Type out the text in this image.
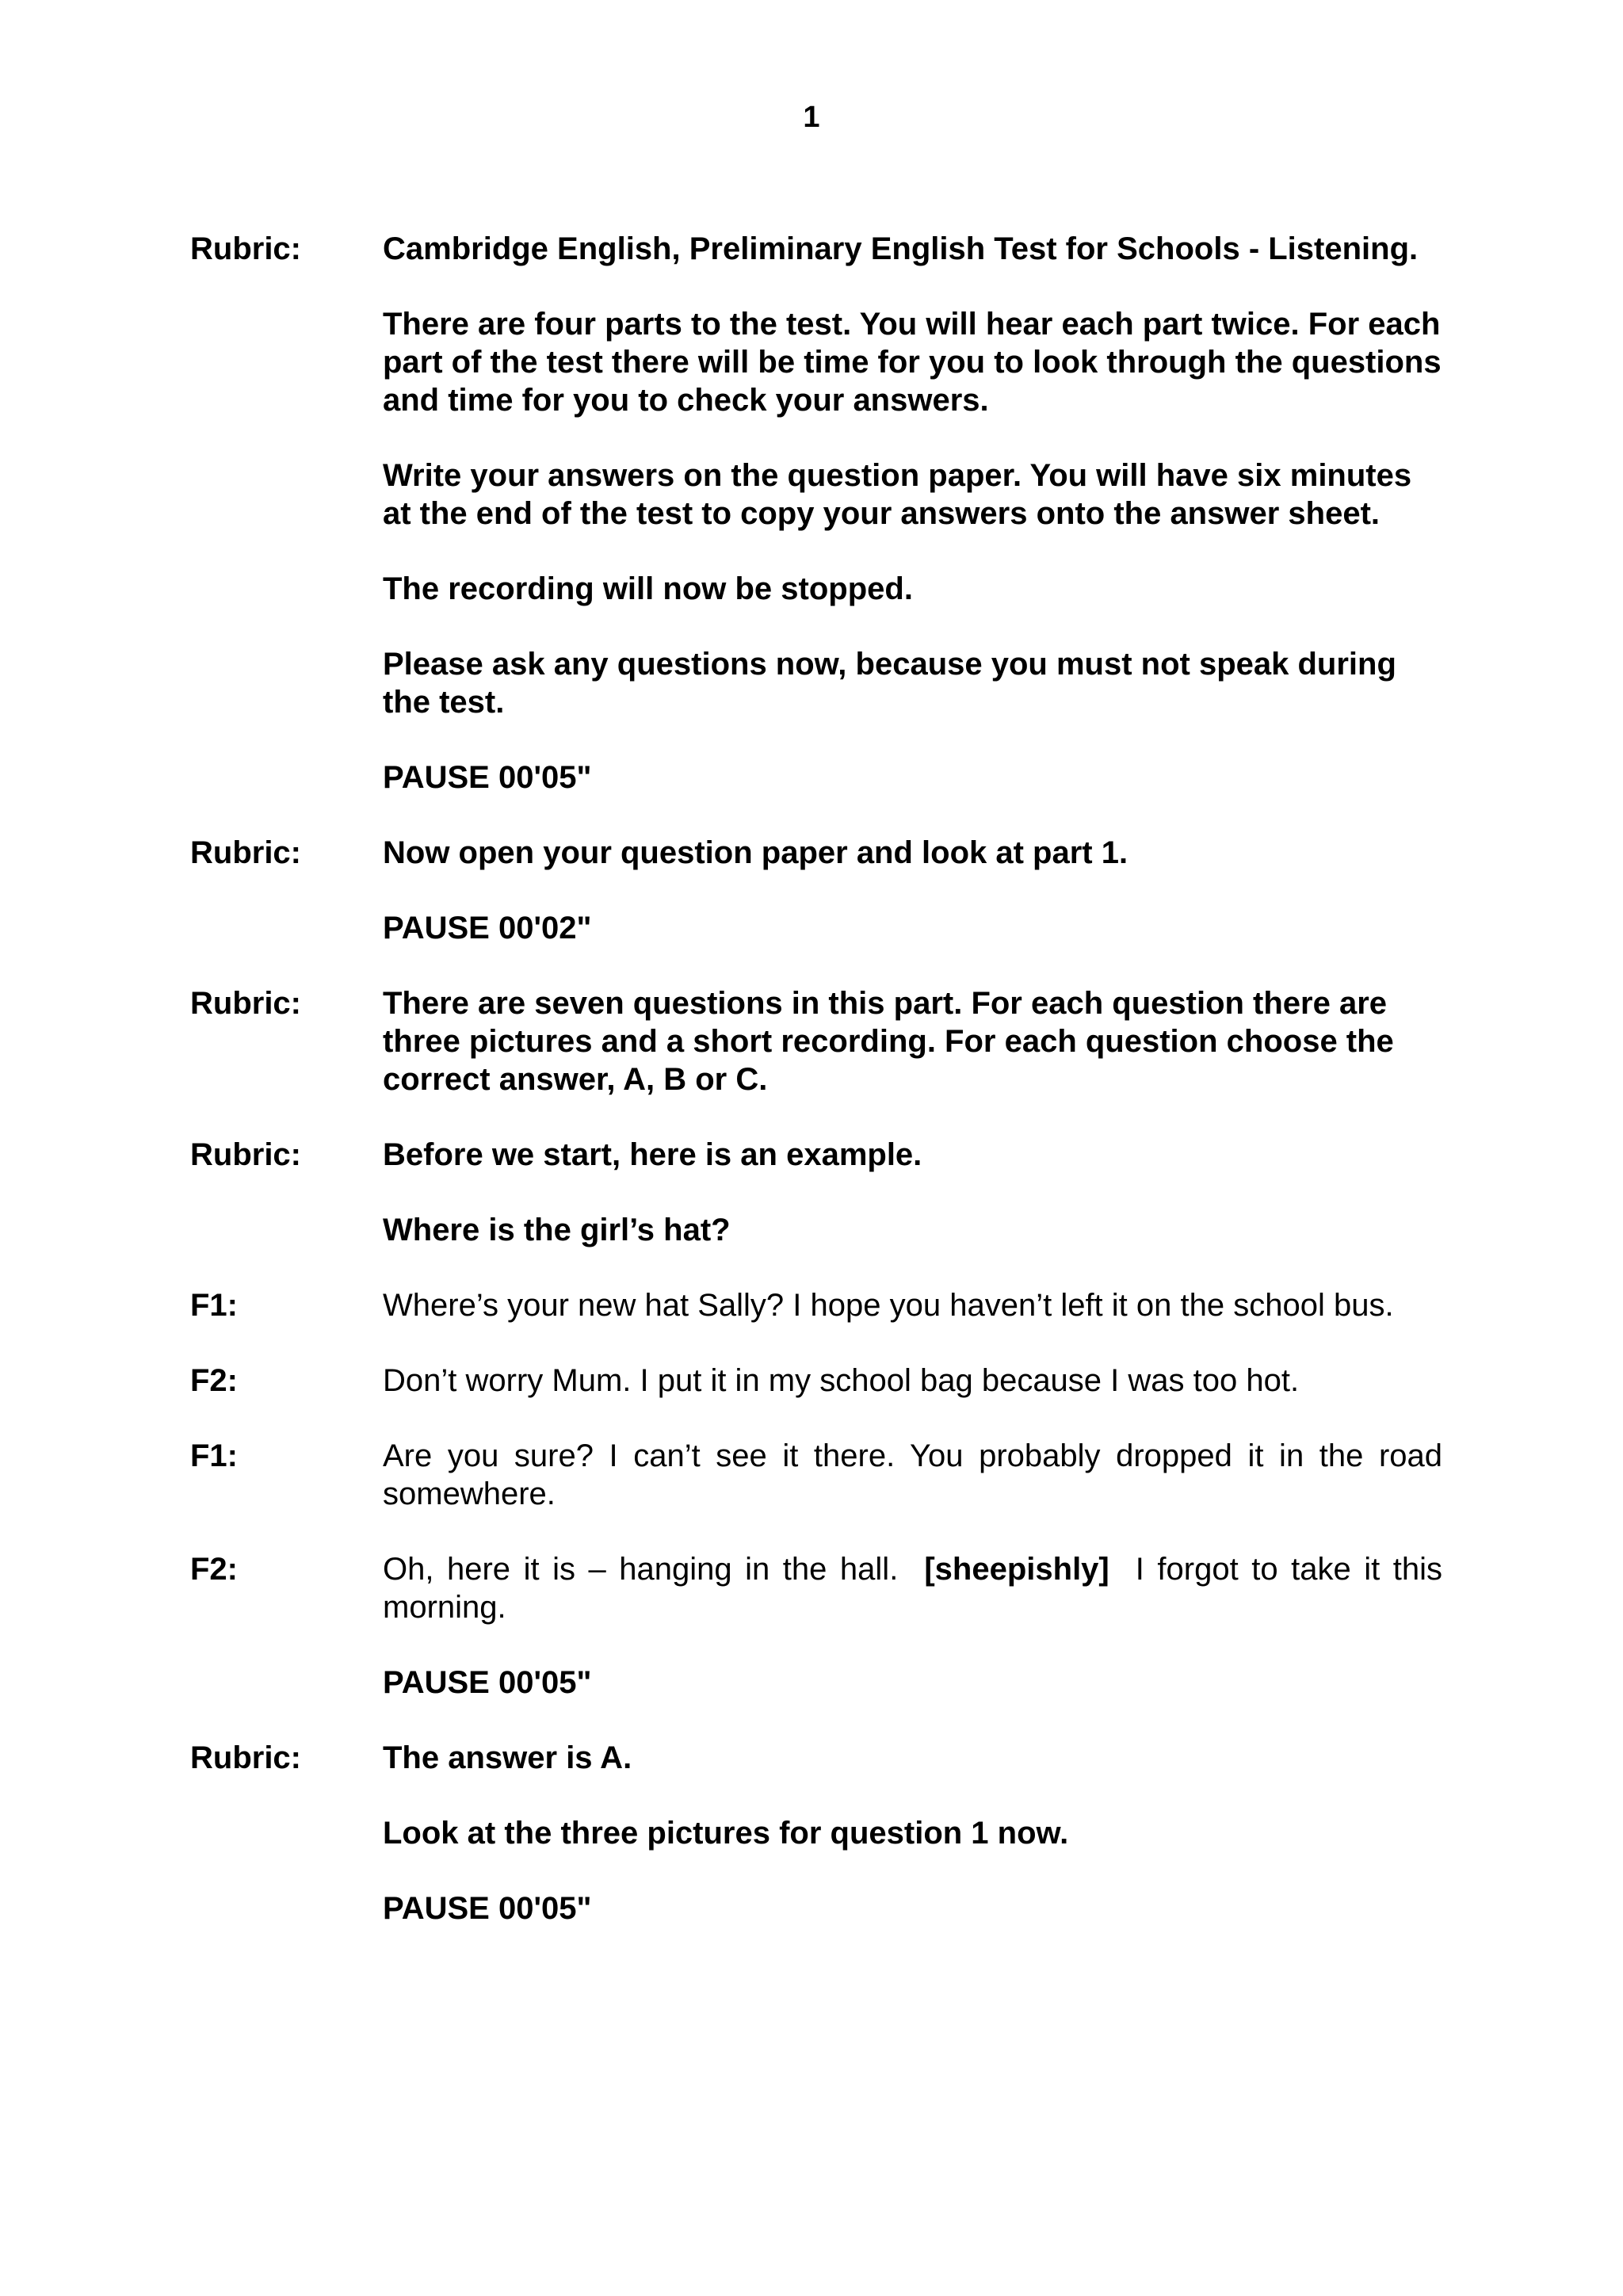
1
Rubric:	Cambridge English, Preliminary English Test for Schools - Listening.

There are four parts to the test. You will hear each part twice. For each part of the test there will be time for you to look through the questions and time for you to check your answers.

Write your answers on the question paper. You will have six minutes at the end of the test to copy your answers onto the answer sheet.

The recording will now be stopped.

Please ask any questions now, because you must not speak during the test.

PAUSE 00'05"

Rubric:	Now open your question paper and look at part 1.

PAUSE 00'02"

Rubric:	There are seven questions in this part. For each question there are three pictures and a short recording. For each question choose the correct answer, A, B or C.

Rubric:	Before we start, here is an example.

Where is the girl’s hat?

F1:	Where’s your new hat Sally? I hope you haven’t left it on the school bus.

F2:	Don’t worry Mum. I put it in my school bag because I was too hot.

F1:	Are you sure? I can’t see it there. You probably dropped it in the road somewhere.

F2:	Oh, here it is – hanging in the hall.  [sheepishly]  I forgot to take it this morning.

PAUSE 00'05"

Rubric:	The answer is A.

Look at the three pictures for question 1 now.

PAUSE 00'05"
